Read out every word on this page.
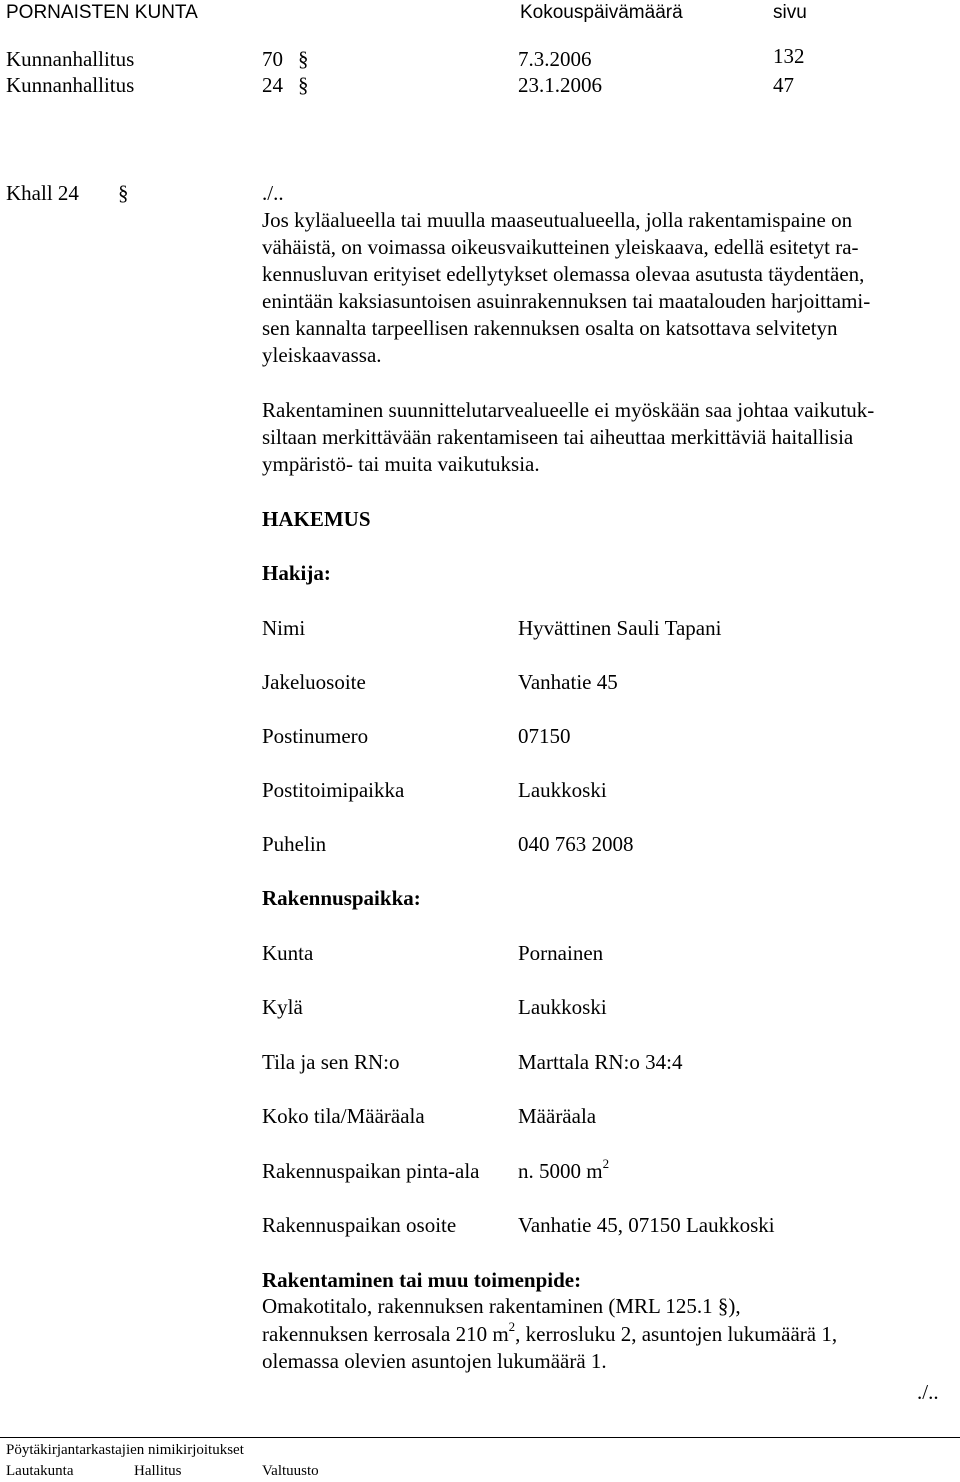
PORNAISTEN KUNTA	Kokouspäivämäärä	sivu
Kunnanhallitus	70 §	7.3.2006	132
Kunnanhallitus	24 §	23.1.2006	47
Khall 24 §	./..
Jos kyläalueella tai muulla maaseutualueella, jolla rakentamispaine on
vähäistä, on voimassa oikeusvaikutteinen yleiskaava, edellä esitetyt ra-
kennusluvan erityiset edellytykset olemassa olevaa asutusta täydentäen,
enintään kaksiasuntoisen asuinrakennuksen tai maatalouden harjoittami-
sen kannalta tarpeellisen rakennuksen osalta on katsottava selvitetyn
yleiskaavassa.
Rakentaminen suunnittelutarvealueelle ei myöskään saa johtaa vaikutuk-
siltaan merkittävään rakentamiseen tai aiheuttaa merkittäviä haitallisia
ympäristö- tai muita vaikutuksia.
HAKEMUS
Hakija:
Nimi	Hyvättinen Sauli Tapani
Jakeluosoite	Vanhatie 45
Postinumero	07150
Postitoimipaikka	Laukkoski
Puhelin	040 763 2008
Rakennuspaikka:
Kunta	Pornainen
Kylä	Laukkoski
Tila ja sen RN:o	Marttala RN:o 34:4
Koko tila/Määräala	Määräala
Rakennuspaikan pinta-ala n. 5000 $m^2$
Rakennuspaikan osoite	Vanhatie 45, 07150 Laukkoski
Rakentaminen tai muu toimenpide:
Omakotitalo, rakennuksen rakentaminen (MRL 125.1 §),
rakennuksen kerrosala 210 $m^2$, kerrosluku 2, asuntojen lukumäärä 1,
olemassa olevien asuntojen lukumäärä 1.
./..
Pöytäkirjantarkastajien nimikirjoitukset
Lautakunta	Hallitus	Valtuusto
